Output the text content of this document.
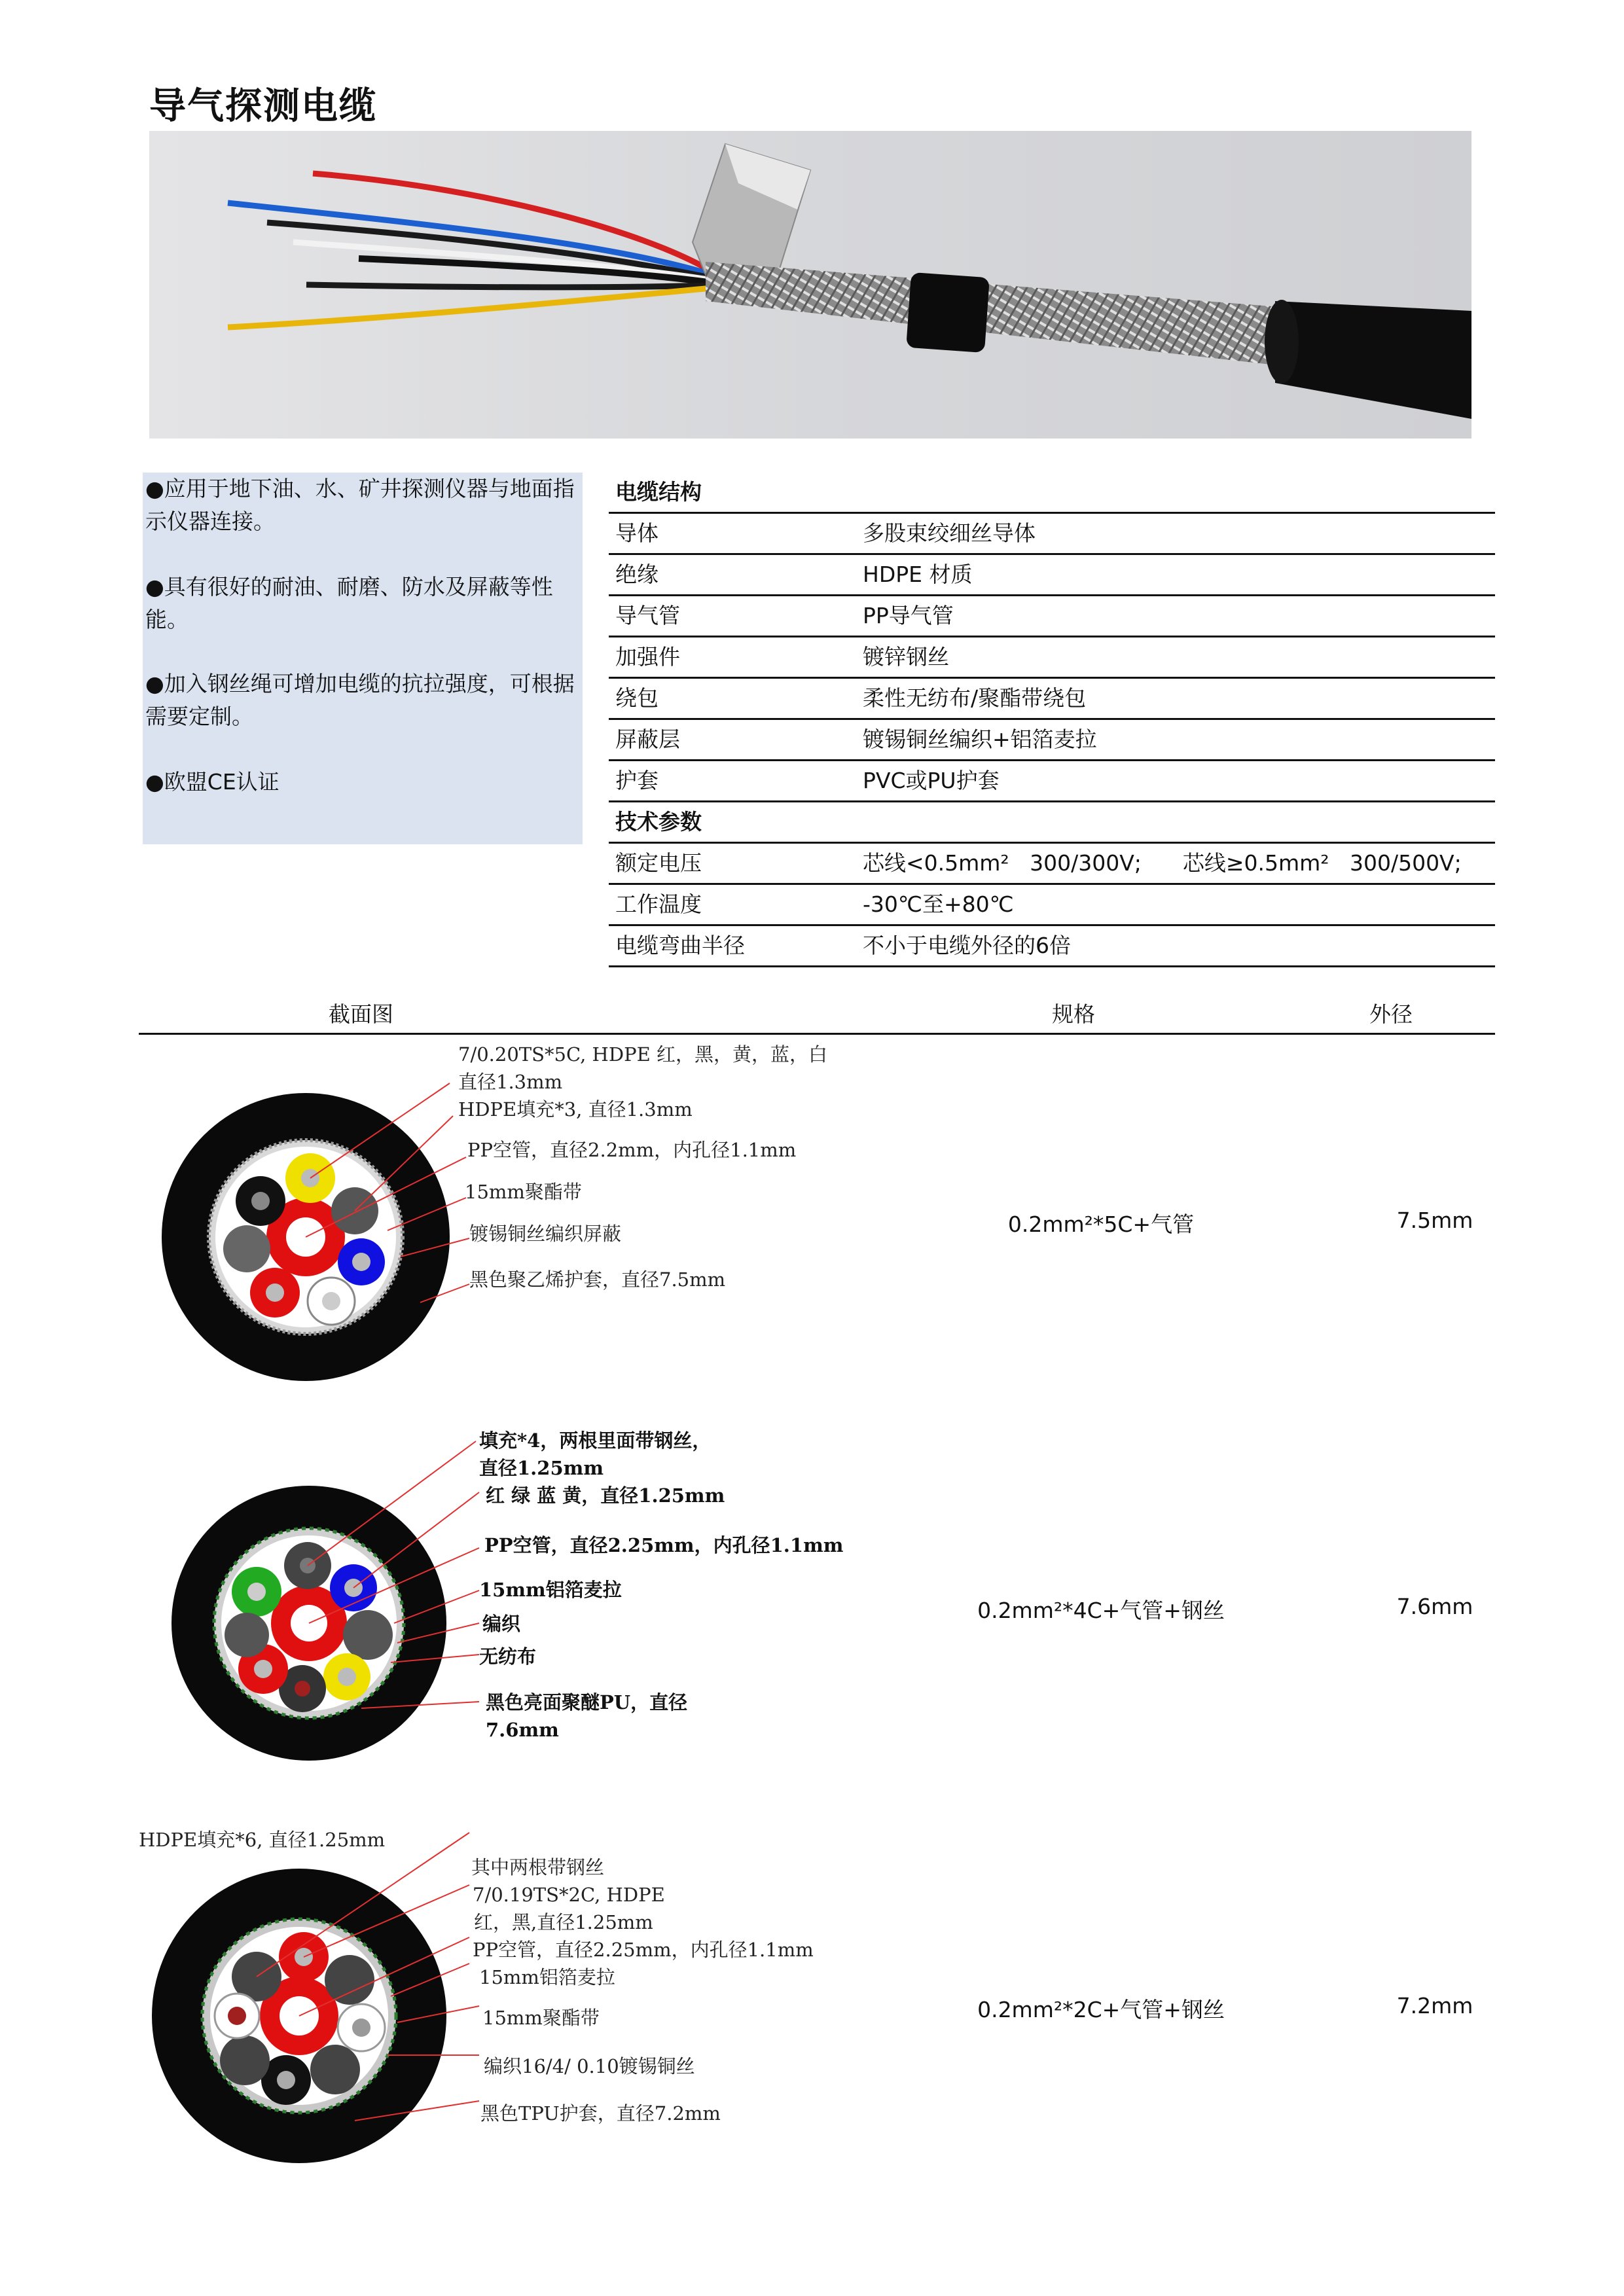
导气探测电缆
●应用于地下油、水、矿井探测仪器与地面指示仪器连接。
●具有很好的耐油、耐磨、防水及屏蔽等性能。
●加入钢丝绳可增加电缆的抗拉强度，可根据需要定制。
●欧盟CE认证
电缆结构
导体	多股束绞细丝导体
绝缘	HDPE 材质
导气管	PP导气管
加强件	镀锌钢丝
绕包	柔性无纺布/聚酯带绕包
屏蔽层	镀锡铜丝编织+铝箔麦拉
护套	PVC或PU护套
技术参数
额定电压	芯线<0.5mm²   300/300V;      芯线≥0.5mm²   300/500V;
工作温度	-30℃至+80℃
电缆弯曲半径	不小于电缆外径的6倍
截面图	规格	外径
7/0.20TS*5C, HDPE 红，黑，黄，蓝，白
直径1.3mm
HDPE填充*3, 直径1.3mm
PP空管，直径2.2mm，内孔径1.1mm
15mm聚酯带
镀锡铜丝编织屏蔽
黑色聚乙烯护套，直径7.5mm
0.2mm²*5C+气管	7.5mm
填充*4，两根里面带钢丝，
直径1.25mm
红 绿 蓝 黄，直径1.25mm
PP空管，直径2.25mm，内孔径1.1mm
15mm铝箔麦拉
编织
无纺布
黑色亮面聚醚PU，直径
7.6mm
0.2mm²*4C+气管+钢丝	7.6mm
HDPE填充*6, 直径1.25mm
其中两根带钢丝
7/0.19TS*2C, HDPE
红，黑,直径1.25mm
PP空管，直径2.25mm，内孔径1.1mm
15mm铝箔麦拉
15mm聚酯带
编织16/4/ 0.10镀锡铜丝
黑色TPU护套，直径7.2mm
0.2mm²*2C+气管+钢丝	7.2mm
